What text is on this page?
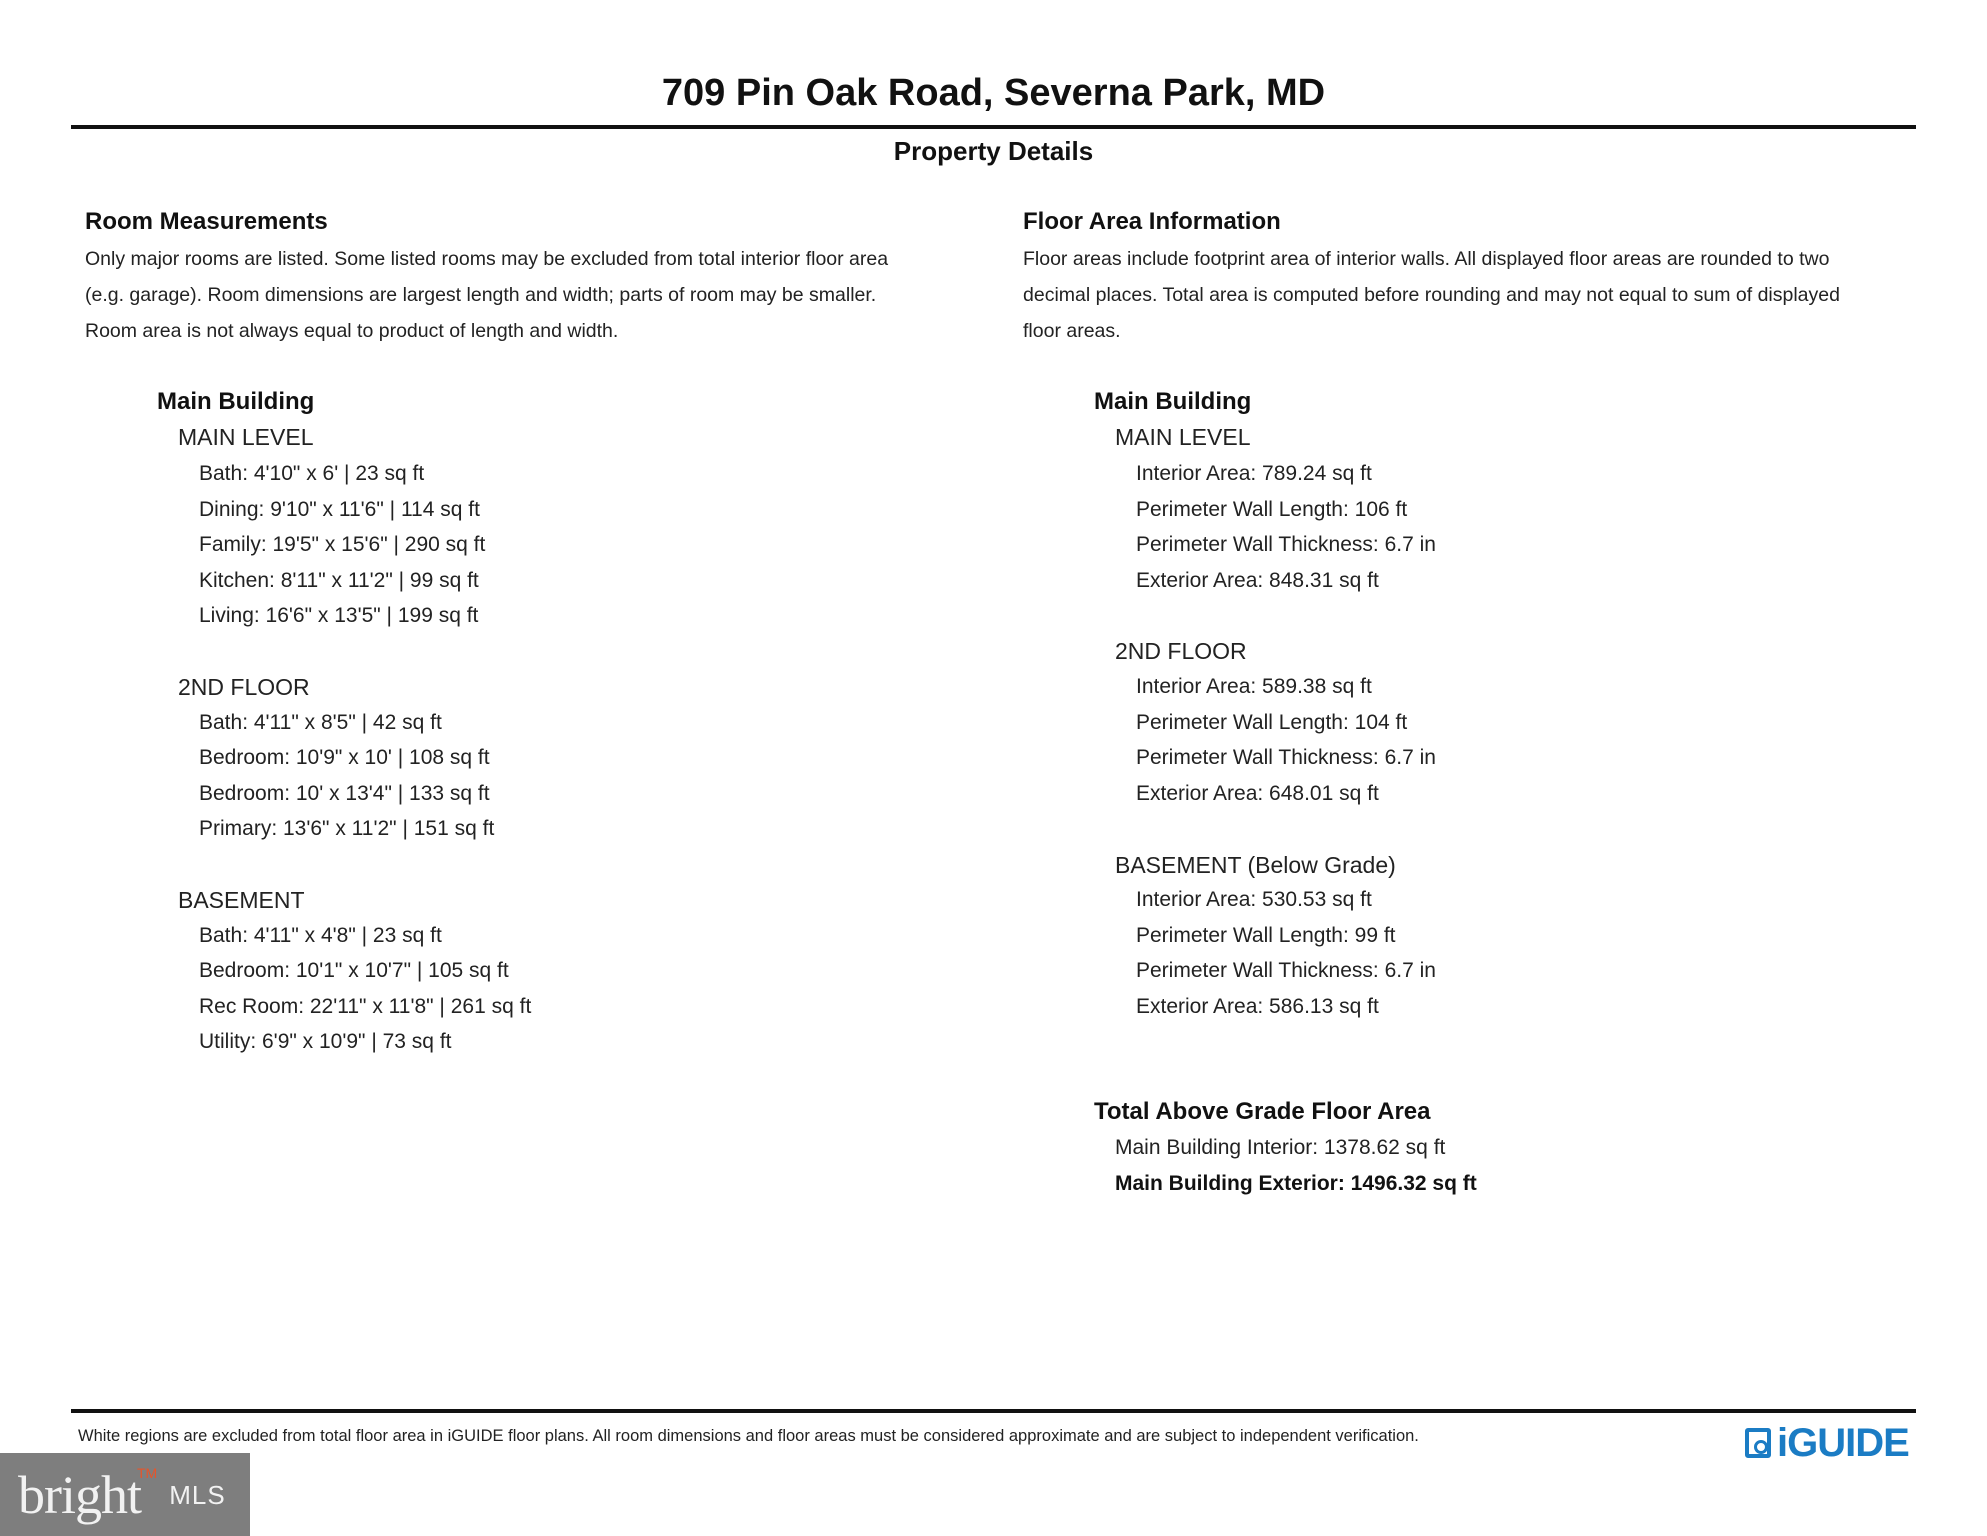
709 Pin Oak Road, Severna Park, MD
Property Details
Room Measurements
Only major rooms are listed. Some listed rooms may be excluded from total interior floor area
(e.g. garage). Room dimensions are largest length and width; parts of room may be smaller.
Room area is not always equal to product of length and width.
Main Building
MAIN LEVEL
Bath: 4'10" x 6' | 23 sq ft
Dining: 9'10" x 11'6" | 114 sq ft
Family: 19'5" x 15'6" | 290 sq ft
Kitchen: 8'11" x 11'2" | 99 sq ft
Living: 16'6" x 13'5" | 199 sq ft
2ND FLOOR
Bath: 4'11" x 8'5" | 42 sq ft
Bedroom: 10'9" x 10' | 108 sq ft
Bedroom: 10' x 13'4" | 133 sq ft
Primary: 13'6" x 11'2" | 151 sq ft
BASEMENT
Bath: 4'11" x 4'8" | 23 sq ft
Bedroom: 10'1" x 10'7" | 105 sq ft
Rec Room: 22'11" x 11'8" | 261 sq ft
Utility: 6'9" x 10'9" | 73 sq ft
Floor Area Information
Floor areas include footprint area of interior walls. All displayed floor areas are rounded to two
decimal places. Total area is computed before rounding and may not equal to sum of displayed
floor areas.
Main Building
MAIN LEVEL
Interior Area: 789.24 sq ft
Perimeter Wall Length: 106 ft
Perimeter Wall Thickness: 6.7 in
Exterior Area: 848.31 sq ft
2ND FLOOR
Interior Area: 589.38 sq ft
Perimeter Wall Length: 104 ft
Perimeter Wall Thickness: 6.7 in
Exterior Area: 648.01 sq ft
BASEMENT (Below Grade)
Interior Area: 530.53 sq ft
Perimeter Wall Length: 99 ft
Perimeter Wall Thickness: 6.7 in
Exterior Area: 586.13 sq ft
Total Above Grade Floor Area
Main Building Interior: 1378.62 sq ft
Main Building Exterior: 1496.32 sq ft
White regions are excluded from total floor area in iGUIDE floor plans. All room dimensions and floor areas must be considered approximate and are subject to independent verification.	iGUIDE
bright
TM
MLS
